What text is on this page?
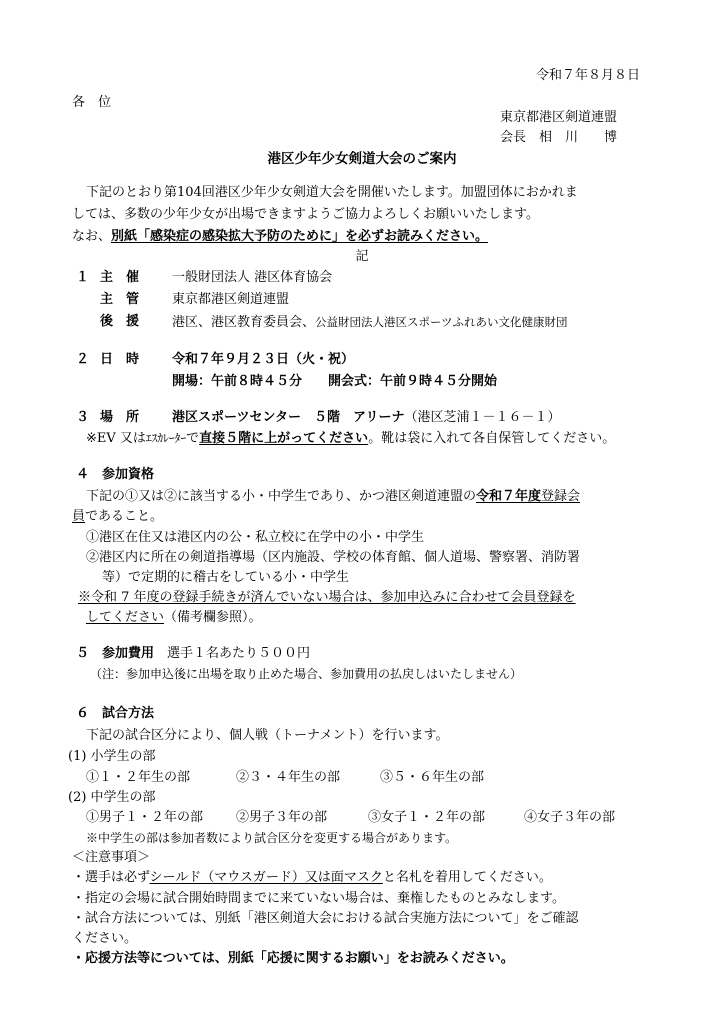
令和７年８月８日
各　位
東京都港区剣道連盟
会長　相　川　　博
港区少年少女剣道大会のご案内
下記のとおり第104回港区少年少女剣道大会を開催いたします。加盟団体におかれま
しては、多数の少年少女が出場できますようご協力よろしくお願いいたします。
なお、別紙「感染症の感染拡大予防のために」を必ずお読みください。
記
１ 主　催	一般財団法人 港区体育協会
主　管	東京都港区剣道連盟
後　援	港区、港区教育委員会、公益財団法人港区スポーツふれあい文化健康財団
２ 日　時	令和７年９月２３日（火・祝）
開場：午前８時４５分　　開会式：午前９時４５分開始
３ 場　所	港区スポーツセンター　５階　アリーナ（港区芝浦１－１６－１）
※EV 又はｴｽｶﾚｰﾀｰで直接５階に上がってください。靴は袋に入れて各自保管してください。
４　参加資格
下記の①又は②に該当する小・中学生であり、かつ港区剣道連盟の令和７年度登録会
員であること。
①港区在住又は港区内の公・私立校に在学中の小・中学生
②港区内に所在の剣道指導場（区内施設、学校の体育館、個人道場、警察署、消防署
等）で定期的に稽古をしている小・中学生
※令和 7 年度の登録手続きが済んでいない場合は、参加申込みに合わせて会員登録を
してください（備考欄参照）。
５　参加費用　 選手１名あたり５００円
（注：参加申込後に出場を取り止めた場合、参加費用の払戻しはいたしません）
６　試合方法
下記の試合区分により、個人戦（トーナメント）を行います。
(1) 小学生の部
①１・２年生の部	②３・４年生の部	③５・６年生の部
(2) 中学生の部
①男子１・２年の部	②男子３年の部	③女子１・２年の部	④女子３年の部
※中学生の部は参加者数により試合区分を変更する場合があります。
＜注意事項＞
・選手は必ずシールド（マウスガード）又は面マスクと名札を着用してください。
・指定の会場に試合開始時間までに来ていない場合は、棄権したものとみなします。
・試合方法については、別紙「港区剣道大会における試合実施方法について」をご確認
ください。
・応援方法等については、別紙「応援に関するお願い」をお読みください。
